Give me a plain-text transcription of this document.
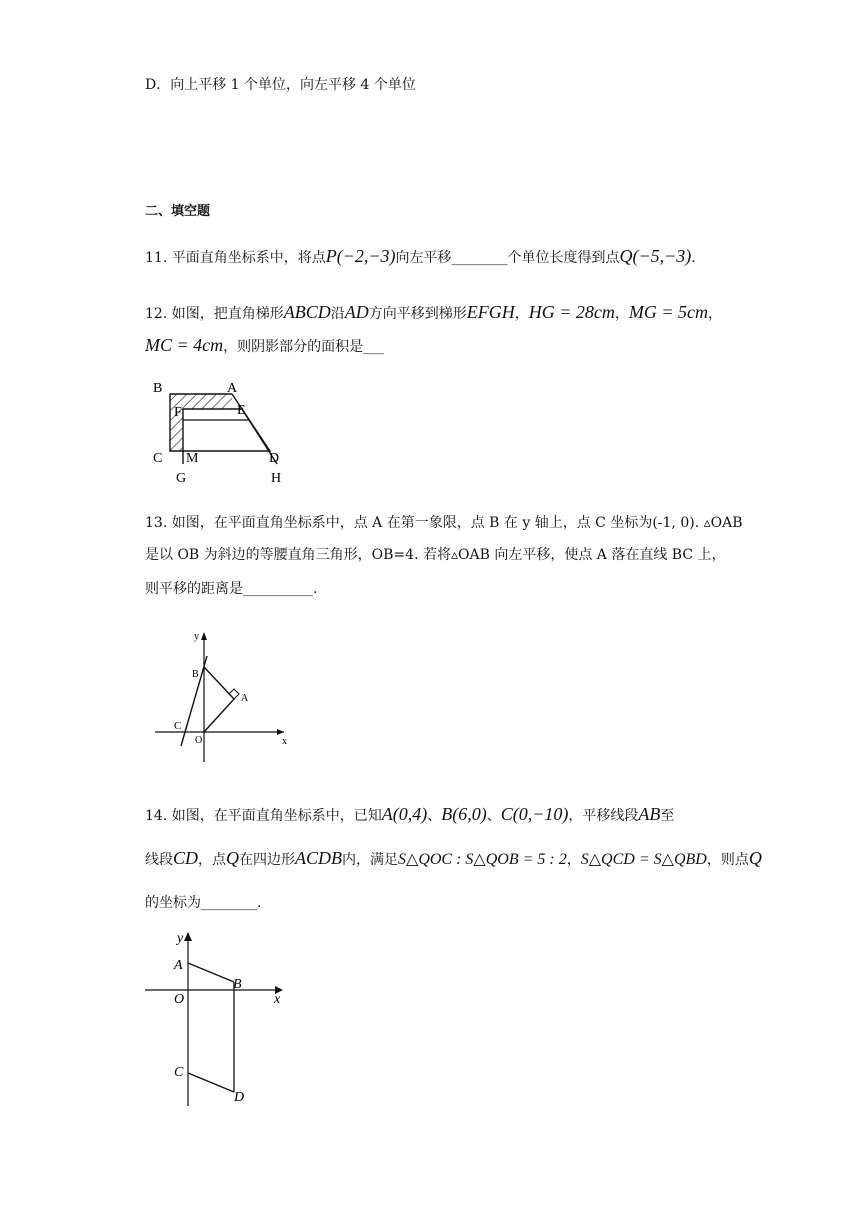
D．向上平移 1 个单位，向左平移 4 个单位
二、填空题
11. 平面直角坐标系中，将点P(−2,−3)向左平移________个单位长度得到点Q(−5,−3).
12. 如图，把直角梯形ABCD沿AD方向平移到梯形EFGH，HG = 28cm，MG = 5cm，
MC = 4cm，则阴影部分的面积是___
B	A
F	E
C M	D
G	H
13. 如图，在平面直角坐标系中，点 A 在第一象限，点 B 在 y 轴上，点 C 坐标为(-1, 0). ▵OAB
是以 OB 为斜边的等腰直角三角形，OB=4. 若将▵OAB 向左平移，使点 A 落在直线 BC 上，
则平移的距离是__________.
y
B
A
C
O	x
14. 如图，在平面直角坐标系中，已知A(0,4)、B(6,0)、C(0,−10)，平移线段AB至
线段CD，点Q在四边形ACDB内，满足S△QOC : S△QOB = 5 : 2，S△QCD = S△QBD，则点Q
的坐标为________.
y
A
B
O	x
C
D
